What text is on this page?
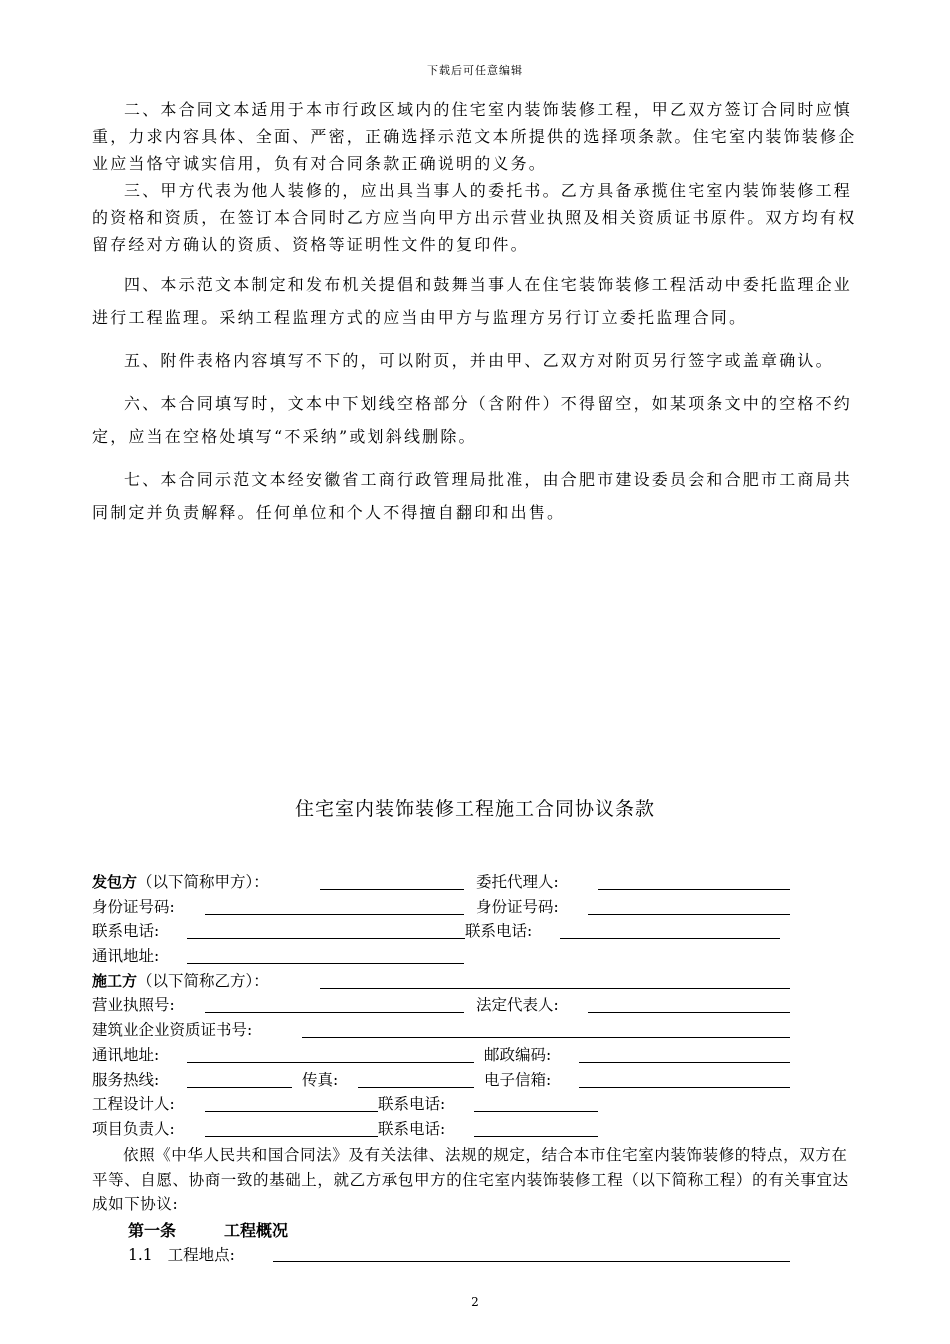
下载后可任意编辑

二、本合同文本适用于本市行政区域内的住宅室内装饰装修工程，甲乙双方签订合同时应慎重，力求内容具体、全面、严密，正确选择示范文本所提供的选择项条款。住宅室内装饰装修企业应当恪守诚实信用，负有对合同条款正确说明的义务。

三、甲方代表为他人装修的，应出具当事人的委托书。乙方具备承揽住宅室内装饰装修工程的资格和资质，在签订本合同时乙方应当向甲方出示营业执照及相关资质证书原件。双方均有权留存经对方确认的资质、资格等证明性文件的复印件。

四、本示范文本制定和发布机关提倡和鼓舞当事人在住宅装饰装修工程活动中委托监理企业进行工程监理。采纳工程监理方式的应当由甲方与监理方另行订立委托监理合同。

五、附件表格内容填写不下的，可以附页，并由甲、乙双方对附页另行签字或盖章确认。

六、本合同填写时，文本中下划线空格部分（含附件）不得留空，如某项条文中的空格不约定，应当在空格处填写“不采纳”或划斜线删除。

七、本合同示范文本经安徽省工商行政管理局批准，由合肥市建设委员会和合肥市工商局共同制定并负责解释。任何单位和个人不得擅自翻印和出售。

住宅室内装饰装修工程施工合同协议条款
发包方（以下简称甲方）：	委托代理人:
身份证号码:	身份证号码:
联系电话:	联系电话:
通讯地址:
施工方（以下简称乙方）：
营业执照号:	法定代表人:
建筑业企业资质证书号:
通讯地址:	邮政编码:
服务热线:	传真:	电子信箱:
工程设计人:	联系电话:
项目负责人:	联系电话:

依照《中华人民共和国合同法》及有关法律、法规的规定，结合本市住宅室内装饰装修的特点，双方在平等、自愿、协商一致的基础上，就乙方承包甲方的住宅室内装饰装修工程（以下简称工程）的有关事宜达成如下协议:

第一条	工程概况
1.1 工程地点:
2
